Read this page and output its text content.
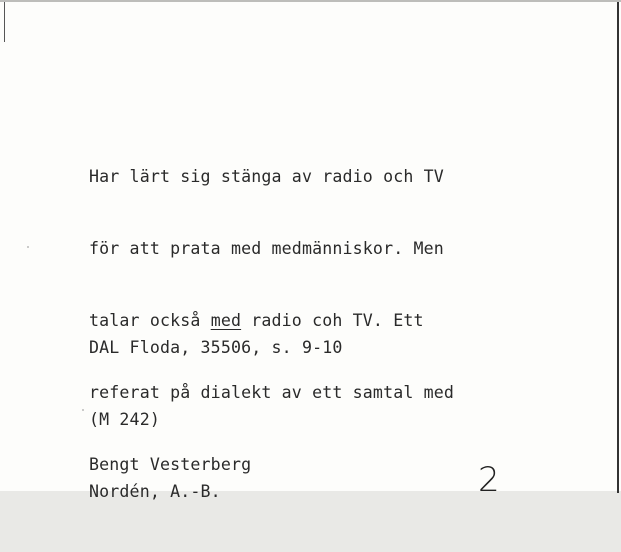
Har lärt sig stänga av radio och TV

för att prata med medmänniskor. Men

talar också med radio coh TV. Ett

referat på dialekt av ett samtal med

Bengt Vesterberg

DAL Floda, 35506, s. 9-10

(M 242)

Nordén, A.-B.

	2
